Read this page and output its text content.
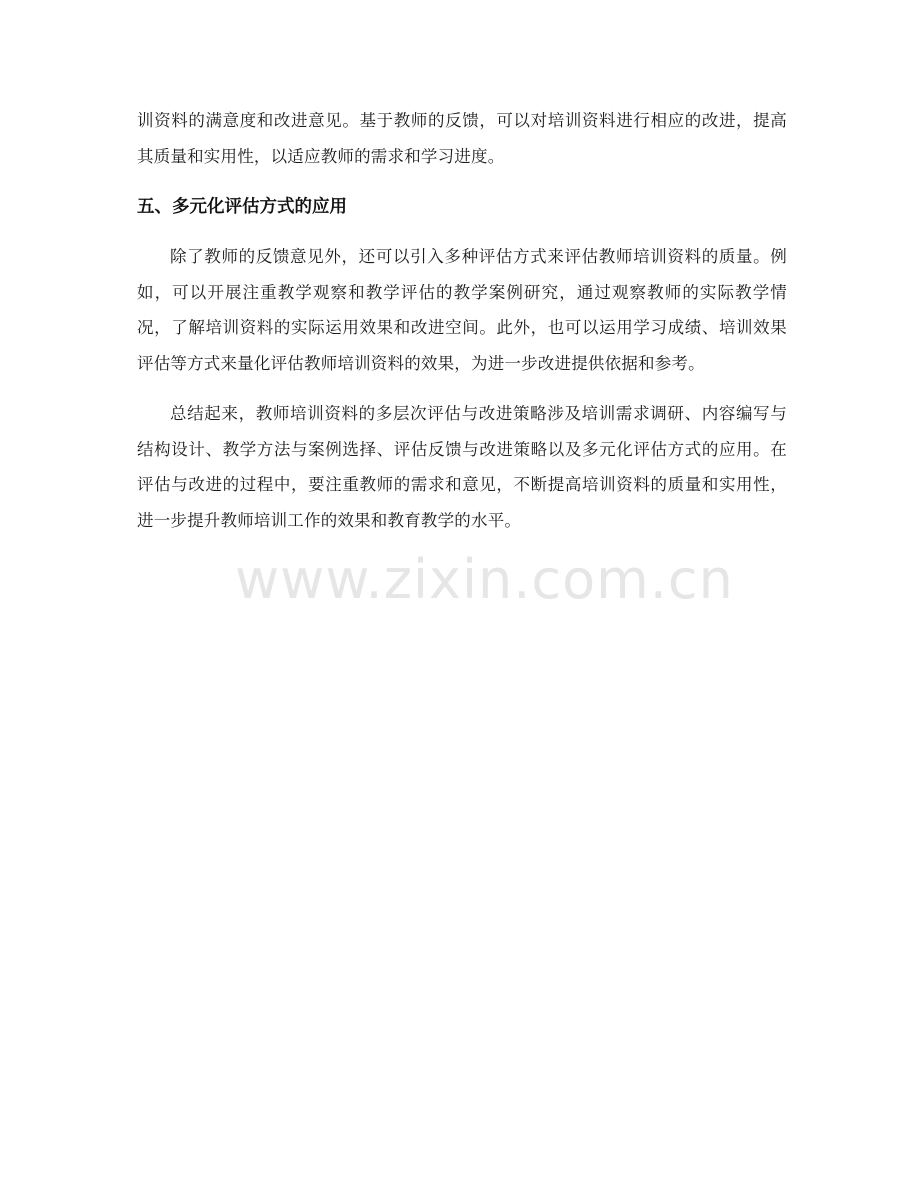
训资料的满意度和改进意见。基于教师的反馈，可以对培训资料进行相应的改进，提高其质量和实用性，以适应教师的需求和学习进度。

五、多元化评估方式的应用

除了教师的反馈意见外，还可以引入多种评估方式来评估教师培训资料的质量。例如，可以开展注重教学观察和教学评估的教学案例研究，通过观察教师的实际教学情况，了解培训资料的实际运用效果和改进空间。此外，也可以运用学习成绩、培训效果评估等方式来量化评估教师培训资料的效果，为进一步改进提供依据和参考。

总结起来，教师培训资料的多层次评估与改进策略涉及培训需求调研、内容编写与结构设计、教学方法与案例选择、评估反馈与改进策略以及多元化评估方式的应用。在评估与改进的过程中，要注重教师的需求和意见，不断提高培训资料的质量和实用性，进一步提升教师培训工作的效果和教育教学的水平。

www.zixin.com.cn
